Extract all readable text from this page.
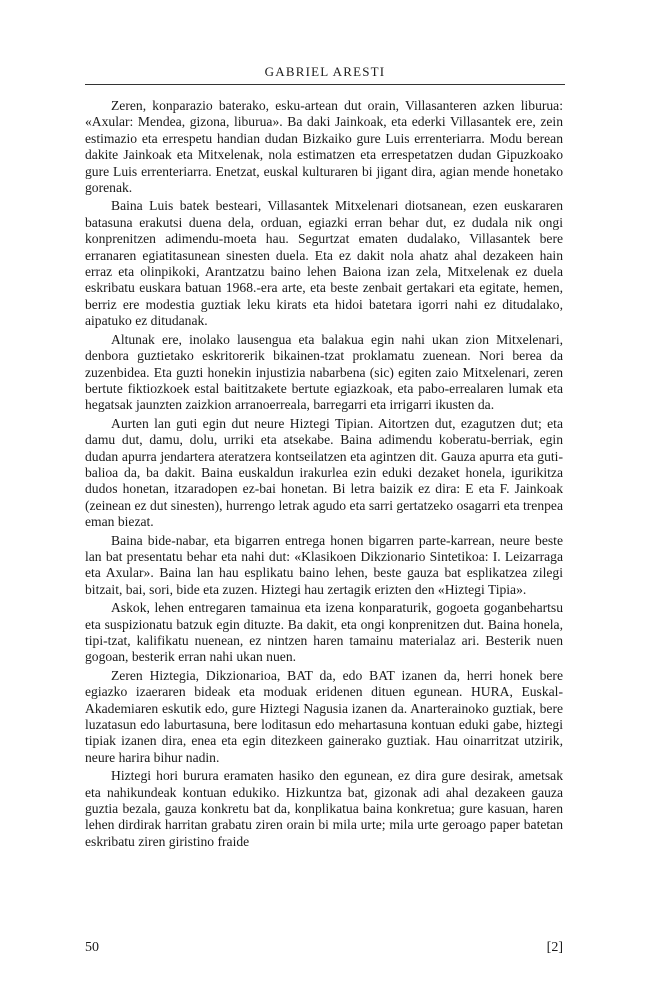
GABRIEL ARESTI

Zeren, konparazio baterako, esku-artean dut orain, Villasanteren azken liburua: «Axular: Mendea, gizona, liburua». Ba daki Jainkoak, eta ederki Villasantek ere, zein estimazio eta errespetu handian dudan Bizkaiko gure Luis errenteriarra. Modu berean dakite Jainkoak eta Mitxelenak, nola estimatzen eta errespetatzen dudan Gipuzkoako gure Luis errenteriarra. Enetzat, euskal kulturaren bi jigant dira, agian mende honetako gorenak.

Baina Luis batek besteari, Villasantek Mitxelenari diotsanean, ezen euskararen batasuna erakutsi duena dela, orduan, egiazki erran behar dut, ez dudala nik ongi konprenitzen adimendu-moeta hau. Segurtzat ematen dudalako, Villasantek bere erranaren egiatitasunean sinesten duela. Eta ez dakit nola ahatz ahal dezakeen hain erraz eta olinpikoki, Arantzatzu baino lehen Baiona izan zela, Mitxelenak ez duela eskribatu euskara batuan 1968.-era arte, eta beste zenbait gertakari eta egitate, hemen, berriz ere modestia guztiak leku kirats eta hidoi batetara igorri nahi ez ditudalako, aipatuko ez ditudanak.

Altunak ere, inolako lausengua eta balakua egin nahi ukan zion Mitxelenari, denbora guztietako eskritorerik bikainen-tzat proklamatu zuenean. Nori berea da zuzenbidea. Eta guzti honekin injustizia nabarbena (sic) egiten zaio Mitxelenari, zeren bertute fiktiozkoek estal baititzakete bertute egiazkoak, eta pabo-errealaren lumak eta hegatsak jaunzten zaizkion arranoerreala, barregarri eta irrigarri ikusten da.

Aurten lan guti egin dut neure Hiztegi Tipian. Aitortzen dut, ezagutzen dut; eta damu dut, damu, dolu, urriki eta atsekabe. Baina adimendu koberatu-berriak, egin dudan apurra jendartera ateratzera kontseilatzen eta agintzen dit. Gauza apurra eta guti-balioa da, ba dakit. Baina euskaldun irakurlea ezin eduki dezaket honela, igurikitza dudos honetan, itzaradopen ez-bai honetan. Bi letra baizik ez dira: E eta F. Jainkoak (zeinean ez dut sinesten), hurrengo letrak agudo eta sarri gertatzeko osagarri eta trenpea eman biezat.

Baina bide-nabar, eta bigarren entrega honen bigarren parte-karrean, neure beste lan bat presentatu behar eta nahi dut: «Klasikoen Dikzionario Sintetikoa: I. Leizarraga eta Axular». Baina lan hau esplikatu baino lehen, beste gauza bat esplikatzea zilegi bitzait, bai, sori, bide eta zuzen. Hiztegi hau zertagik erizten den «Hiztegi Tipia».

Askok, lehen entregaren tamainua eta izena konparaturik, gogoeta goganbehartsu eta suspizionatu batzuk egin dituzte. Ba dakit, eta ongi konprenitzen dut. Baina honela, tipi-tzat, kalifikatu nuenean, ez nintzen haren tamainu materialaz ari. Besterik nuen gogoan, besterik erran nahi ukan nuen.

Zeren Hiztegia, Dikzionarioa, BAT da, edo BAT izanen da, herri honek bere egiazko izaeraren bideak eta moduak eridenen dituen egunean. HURA, Euskal-Akademiaren eskutik edo, gure Hiztegi Nagusia izanen da. Anarterainoko guztiak, bere luzatasun edo laburtasuna, bere loditasun edo mehartasuna kontuan eduki gabe, hiztegi tipiak izanen dira, enea eta egin ditezkeen gainerako guztiak. Hau oinarritzat utzirik, neure harira bihur nadin.

Hiztegi hori burura eramaten hasiko den egunean, ez dira gure desirak, ametsak eta nahikundeak kontuan edukiko. Hizkuntza bat, gizonak adi ahal dezakeen gauza guztia bezala, gauza konkretu bat da, konplikatua baina konkretua; gure kasuan, haren lehen dirdirak harritan grabatu ziren orain bi mila urte; mila urte geroago paper batetan eskribatu ziren giristino fraide

50	[2]
